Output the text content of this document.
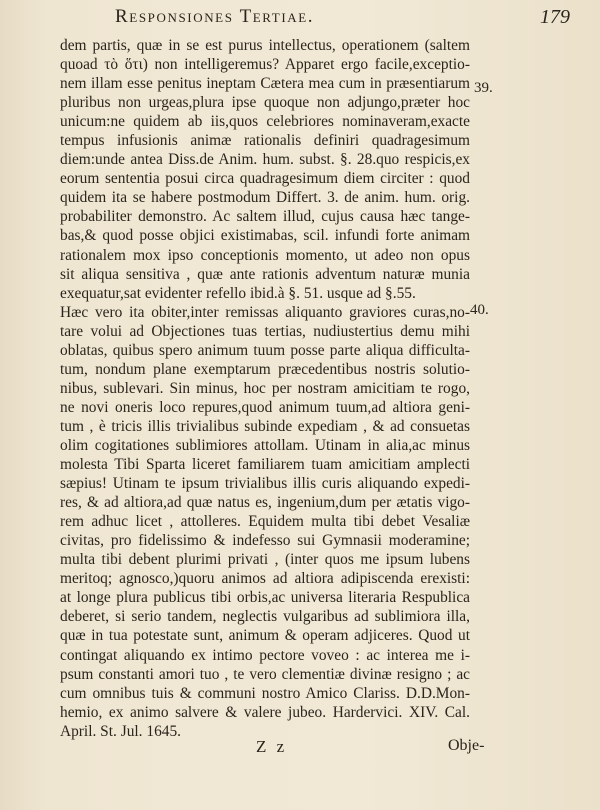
Responsiones Tertiae.	179
dem partis, quæ in se est purus intellectus, operationem (saltem
quoad τὸ ὅτι) non intelligeremus? Apparet ergo facile,exceptio-
nem illam esse penitus ineptam Cætera mea cum in præsentiarum
pluribus non urgeas,plura ipse quoque non adjungo,præter hoc
unicum:ne quidem ab iis,quos celebriores nominaveram,exacte
tempus infusionis animæ rationalis definiri quadragesimum
diem:unde antea Diss.de Anim. hum. subst. §. 28.quo respicis,ex
eorum sententia posui circa quadragesimum diem circiter : quod
quidem ita se habere postmodum Differt. 3. de anim. hum. orig.
probabiliter demonstro. Ac saltem illud, cujus causa hæc tange-
bas,& quod posse objici existimabas, scil. infundi forte animam
rationalem mox ipso conceptionis momento, ut adeo non opus
sit aliqua sensitiva , quæ ante rationis adventum naturæ munia
exequatur,sat evidenter refello ibid.à §. 51. usque ad §.55.
Hæc vero ita obiter,inter remissas aliquanto graviores curas,no-
tare volui ad Objectiones tuas tertias, nudiustertius demu mihi
oblatas, quibus spero animum tuum posse parte aliqua difficulta-
tum, nondum plane exemptarum præcedentibus nostris solutio-
nibus, sublevari. Sin minus, hoc per nostram amicitiam te rogo,
ne novi oneris loco repures,quod animum tuum,ad altiora geni-
tum , è tricis illis trivialibus subinde expediam , & ad consuetas
olim cogitationes sublimiores attollam. Utinam in alia,ac minus
molesta Tibi Sparta liceret familiarem tuam amicitiam amplecti
sæpius! Utinam te ipsum trivialibus illis curis aliquando expedi-
res, & ad altiora,ad quæ natus es, ingenium,dum per ætatis vigo-
rem adhuc licet , attolleres. Equidem multa tibi debet Vesaliæ
civitas, pro fidelissimo & indefesso sui Gymnasii moderamine;
multa tibi debent plurimi privati , (inter quos me ipsum lubens
meritoq; agnosco,)quoru animos ad altiora adipiscenda erexisti:
at longe plura publicus tibi orbis,ac universa literaria Respublica
deberet, si serio tandem, neglectis vulgaribus ad sublimiora illa,
quæ in tua potestate sunt, animum & operam adjiceres. Quod ut
contingat aliquando ex intimo pectore voveo : ac interea me i-
psum constanti amori tuo , te vero clementiæ divinæ resigno ; ac
cum omnibus tuis & communi nostro Amico Clariss. D.D.Mon-
hemio, ex animo salvere & valere jubeo. Hardervici. XIV. Cal.
April. St. Jul. 1645.
39.
40.
Z z	Obje-
